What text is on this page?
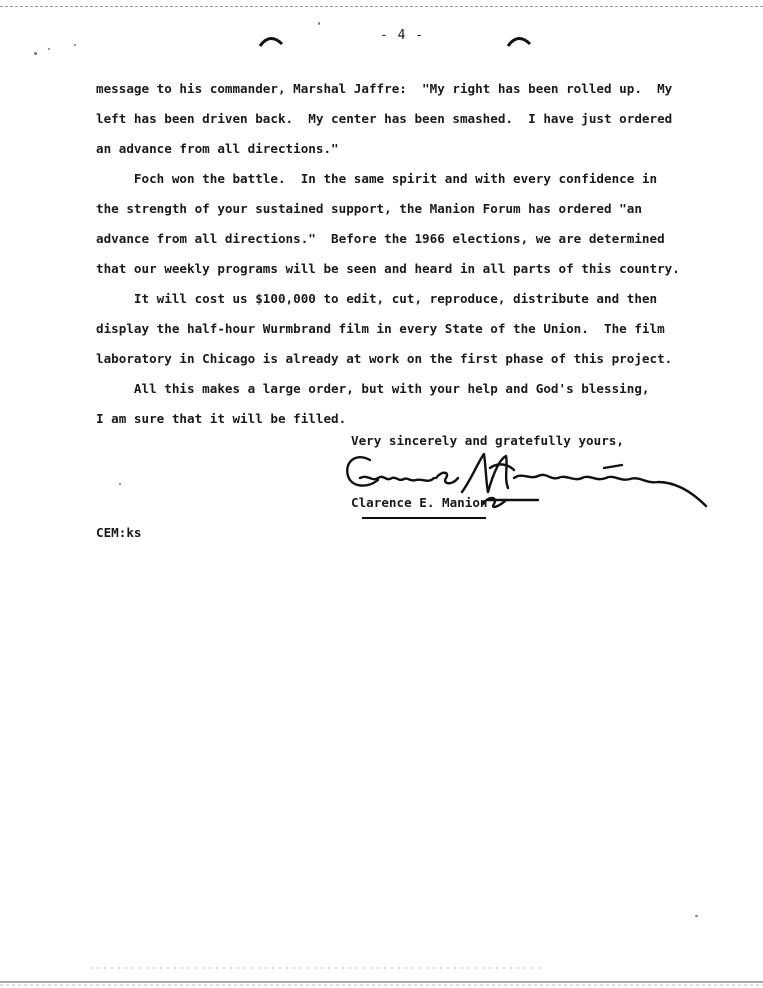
- 4 -
message to his commander, Marshal Jaffre:  "My right has been rolled up.  My
left has been driven back.  My center has been smashed.  I have just ordered
an advance from all directions."
Foch won the battle.  In the same spirit and with every confidence in
the strength of your sustained support, the Manion Forum has ordered "an
advance from all directions."  Before the 1966 elections, we are determined
that our weekly programs will be seen and heard in all parts of this country.
It will cost us $100,000 to edit, cut, reproduce, distribute and then
display the half-hour Wurmbrand film in every State of the Union.  The film
laboratory in Chicago is already at work on the first phase of this project.
All this makes a large order, but with your help and God's blessing,
I am sure that it will be filled.
Very sincerely and gratefully yours,
Clarence E. Manion
CEM:ks
